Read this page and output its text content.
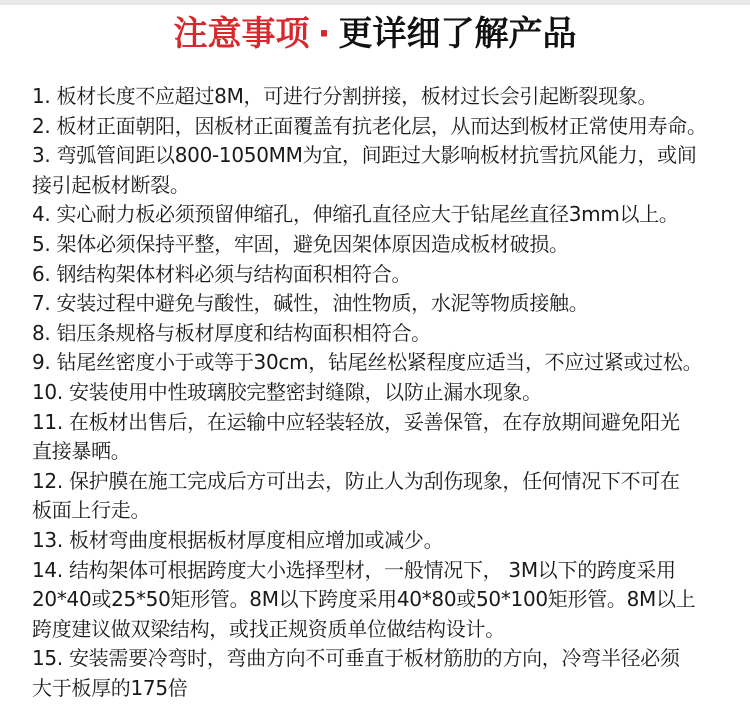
注意事项 · 更详细了解产品
1. 板材长度不应超过8M，可进行分割拼接，板材过长会引起断裂现象。
2. 板材正面朝阳，因板材正面覆盖有抗老化层，从而达到板材正常使用寿命。
3. 弯弧管间距以800-1050MM为宜，间距过大影响板材抗雪抗风能力，或间
接引起板材断裂。
4. 实心耐力板必须预留伸缩孔，伸缩孔直径应大于钻尾丝直径3mm以上。
5. 架体必须保持平整，牢固，避免因架体原因造成板材破损。
6. 钢结构架体材料必须与结构面积相符合。
7. 安装过程中避免与酸性，碱性，油性物质，水泥等物质接触。
8. 铝压条规格与板材厚度和结构面积相符合。
9. 钻尾丝密度小于或等于30cm，钻尾丝松紧程度应适当，不应过紧或过松。
10. 安装使用中性玻璃胶完整密封缝隙，以防止漏水现象。
11. 在板材出售后，在运输中应轻装轻放，妥善保管，在存放期间避免阳光
直接暴晒。
12. 保护膜在施工完成后方可出去，防止人为刮伤现象，任何情况下不可在
板面上行走。
13. 板材弯曲度根据板材厚度相应增加或减少。
14. 结构架体可根据跨度大小选择型材，一般情况下， 3M以下的跨度采用
20*40或25*50矩形管。8M以下跨度采用40*80或50*100矩形管。8M以上
跨度建议做双梁结构，或找正规资质单位做结构设计。
15. 安装需要冷弯时，弯曲方向不可垂直于板材筋肋的方向，冷弯半径必须
大于板厚的175倍
